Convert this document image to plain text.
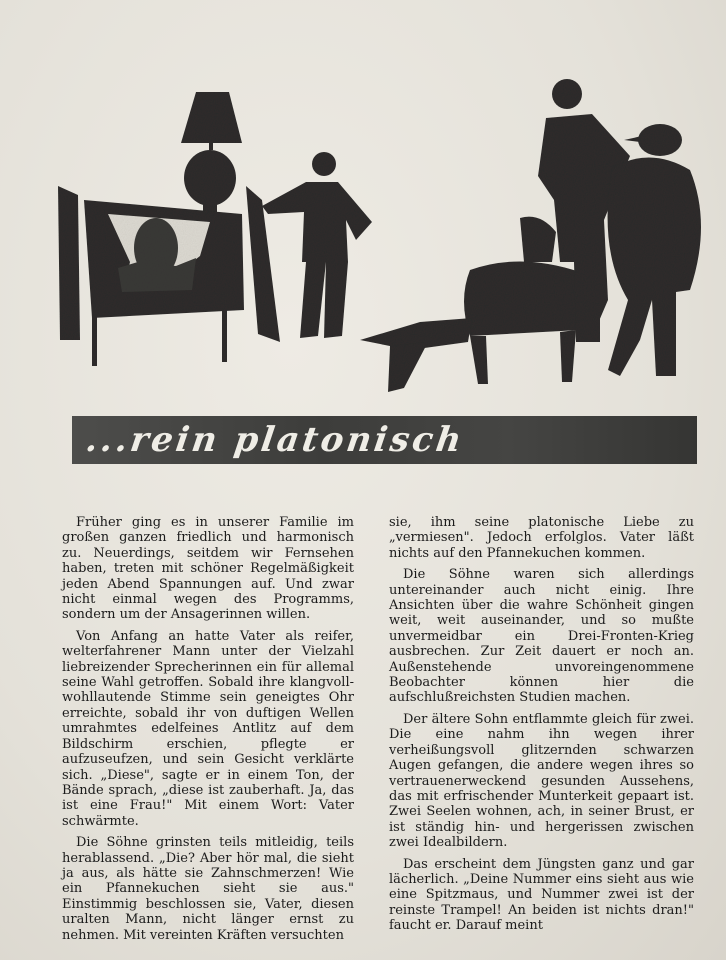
...rein platonisch

Früher ging es in unserer Familie im großen ganzen friedlich und harmonisch zu. Neuerdings, seitdem wir Fernsehen haben, treten mit schöner Regelmäßigkeit jeden Abend Spannungen auf. Und zwar nicht einmal wegen des Programms, sondern um der Ansagerinnen willen.

Von Anfang an hatte Vater als reifer, welterfahrener Mann unter der Vielzahl liebreizender Sprecherinnen ein für allemal seine Wahl getroffen. Sobald ihre klangvoll-wohllautende Stimme sein geneigtes Ohr erreichte, sobald ihr von duftigen Wellen umrahmtes edelfeines Antlitz auf dem Bildschirm erschien, pflegte er aufzuseufzen, und sein Gesicht verklärte sich. „Diese", sagte er in einem Ton, der Bände sprach, „diese ist zauberhaft. Ja, das ist eine Frau!" Mit einem Wort: Vater schwärmte.

Die Söhne grinsten teils mitleidig, teils herablassend. „Die? Aber hör mal, die sieht ja aus, als hätte sie Zahnschmerzen! Wie ein Pfannekuchen sieht sie aus." Einstimmig beschlossen sie, Vater, diesen uralten Mann, nicht länger ernst zu nehmen. Mit vereinten Kräften versuchten

sie, ihm seine platonische Liebe zu „vermiesen". Jedoch erfolglos. Vater läßt nichts auf den Pfannekuchen kommen.

Die Söhne waren sich allerdings untereinander auch nicht einig. Ihre Ansichten über die wahre Schönheit gingen weit, weit auseinander, und so mußte unvermeidbar ein Drei-Fronten-Krieg ausbrechen. Zur Zeit dauert er noch an. Außenstehende unvoreingenommene Beobachter können hier die aufschlußreichsten Studien machen.

Der ältere Sohn entflammte gleich für zwei. Die eine nahm ihn wegen ihrer verheißungsvoll glitzernden schwarzen Augen gefangen, die andere wegen ihres so vertrauenerweckend gesunden Aussehens, das mit erfrischender Munterkeit gepaart ist. Zwei Seelen wohnen, ach, in seiner Brust, er ist ständig hin- und hergerissen zwischen zwei Idealbildern.

Das erscheint dem Jüngsten ganz und gar lächerlich. „Deine Nummer eins sieht aus wie eine Spitzmaus, und Nummer zwei ist der reinste Trampel! An beiden ist nichts dran!" faucht er. Darauf meint
